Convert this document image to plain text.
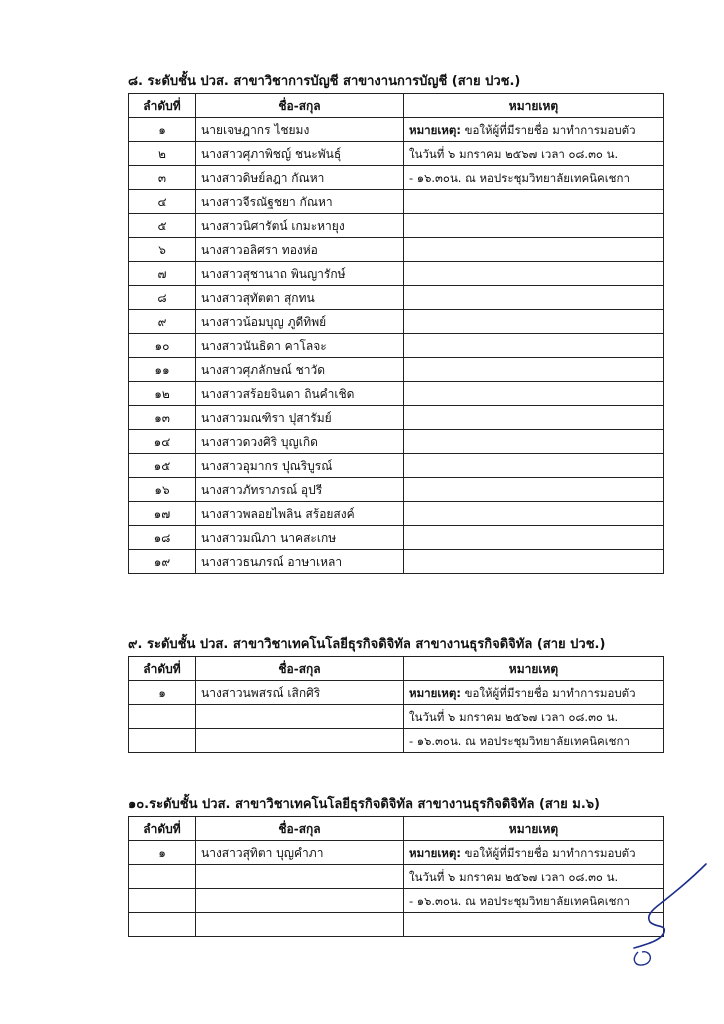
๘. ระดับชั้น ปวส. สาขาวิชาการบัญชี สาขางานการบัญชี (สาย ปวช.)
ลำดับที่	ชื่อ-สกุล	หมายเหตุ
๑	นายเจษฎากร ไชยมง	หมายเหตุ: ขอให้ผู้ที่มีรายชื่อ มาทำการมอบตัว
๒	นางสาวศุภาพิชญ์ ชนะพันธุ์	ในวันที่ ๖ มกราคม ๒๕๖๗ เวลา ๐๘.๓๐ น.
๓	นางสาวดิษย์ลฎา กัณหา	- ๑๖.๓๐น. ณ หอประชุมวิทยาลัยเทคนิคเชกา
๔	นางสาวจีรณัฐชยา กัณหา	
๕	นางสาวนิศารัตน์ เกมะหายุง	
๖	นางสาวอลิศรา ทองห่อ	
๗	นางสาวสุชานาถ พินญารักษ์	
๘	นางสาวสุทัตตา สุกทน	
๙	นางสาวน้อมบุญ ภูดีทิพย์	
๑๐	นางสาวนันธิดา คาโลจะ	
๑๑	นางสาวศุภลักษณ์ ชาวัด	
๑๒	นางสาวสร้อยจินดา ถินคำเชิด	
๑๓	นางสาวมณฑิรา ปุสารัมย์	
๑๔	นางสาวดวงศิริ บุญเกิด	
๑๕	นางสาวอุมากร ปุณริบูรณ์	
๑๖	นางสาวภัทราภรณ์ อุปรี	
๑๗	นางสาวพลอยไพลิน สร้อยสงค์	
๑๘	นางสาวมณิภา นาคสะเกษ	
๑๙	นางสาวธนภรณ์ อาษาเหลา	
๙. ระดับชั้น ปวส. สาขาวิชาเทคโนโลยีธุรกิจดิจิทัล สาขางานธุรกิจดิจิทัล (สาย ปวช.)
ลำดับที่	ชื่อ-สกุล	หมายเหตุ
๑	นางสาวนพสรณ์ เสิกศิริ	หมายเหตุ: ขอให้ผู้ที่มีรายชื่อ มาทำการมอบตัว
		ในวันที่ ๖ มกราคม ๒๕๖๗ เวลา ๐๘.๓๐ น.
		- ๑๖.๓๐น. ณ หอประชุมวิทยาลัยเทคนิคเชกา
๑๐.ระดับชั้น ปวส. สาขาวิชาเทคโนโลยีธุรกิจดิจิทัล สาขางานธุรกิจดิจิทัล (สาย ม.๖)
ลำดับที่	ชื่อ-สกุล	หมายเหตุ
๑	นางสาวสุทิตา บุญคำภา	หมายเหตุ: ขอให้ผู้ที่มีรายชื่อ มาทำการมอบตัว
		ในวันที่ ๖ มกราคม ๒๕๖๗ เวลา ๐๘.๓๐ น.
		- ๑๖.๓๐น. ณ หอประชุมวิทยาลัยเทคนิคเชกา
